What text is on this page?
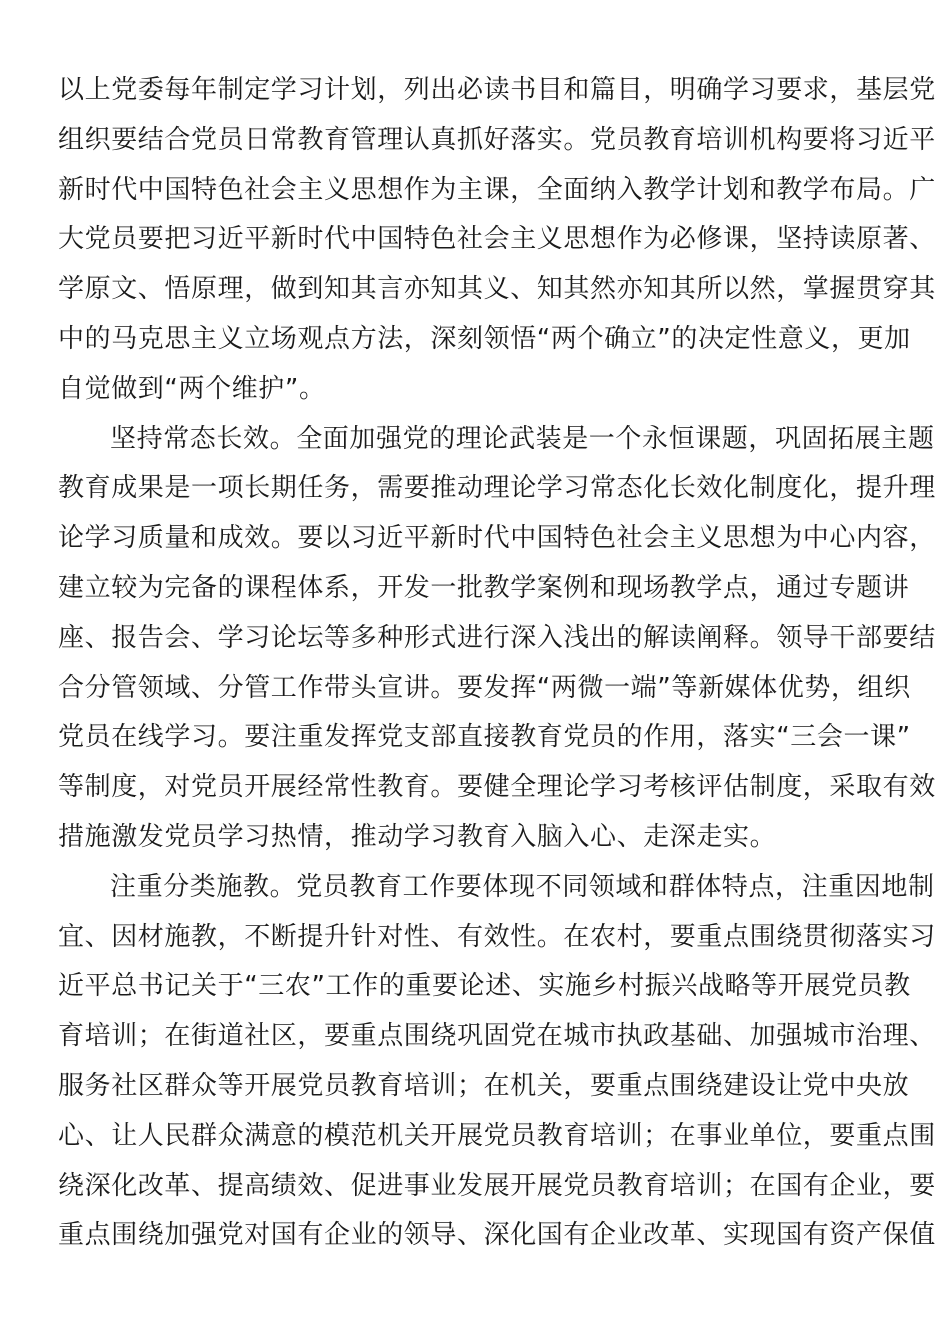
以上党委每年制定学习计划，列出必读书目和篇目，明确学习要求，基层党
组织要结合党员日常教育管理认真抓好落实。党员教育培训机构要将习近平
新时代中国特色社会主义思想作为主课，全面纳入教学计划和教学布局。广
大党员要把习近平新时代中国特色社会主义思想作为必修课，坚持读原著、
学原文、悟原理，做到知其言亦知其义、知其然亦知其所以然，掌握贯穿其
中的马克思主义立场观点方法，深刻领悟“两个确立”的决定性意义，更加
自觉做到“两个维护”。
坚持常态长效。全面加强党的理论武装是一个永恒课题，巩固拓展主题
教育成果是一项长期任务，需要推动理论学习常态化长效化制度化，提升理
论学习质量和成效。要以习近平新时代中国特色社会主义思想为中心内容，
建立较为完备的课程体系，开发一批教学案例和现场教学点，通过专题讲
座、报告会、学习论坛等多种形式进行深入浅出的解读阐释。领导干部要结
合分管领域、分管工作带头宣讲。要发挥“两微一端”等新媒体优势，组织
党员在线学习。要注重发挥党支部直接教育党员的作用，落实“三会一课”
等制度，对党员开展经常性教育。要健全理论学习考核评估制度，采取有效
措施激发党员学习热情，推动学习教育入脑入心、走深走实。
注重分类施教。党员教育工作要体现不同领域和群体特点，注重因地制
宜、因材施教，不断提升针对性、有效性。在农村，要重点围绕贯彻落实习
近平总书记关于“三农”工作的重要论述、实施乡村振兴战略等开展党员教
育培训；在街道社区，要重点围绕巩固党在城市执政基础、加强城市治理、
服务社区群众等开展党员教育培训；在机关，要重点围绕建设让党中央放
心、让人民群众满意的模范机关开展党员教育培训；在事业单位，要重点围
绕深化改革、提高绩效、促进事业发展开展党员教育培训；在国有企业，要
重点围绕加强党对国有企业的领导、深化国有企业改革、实现国有资产保值
